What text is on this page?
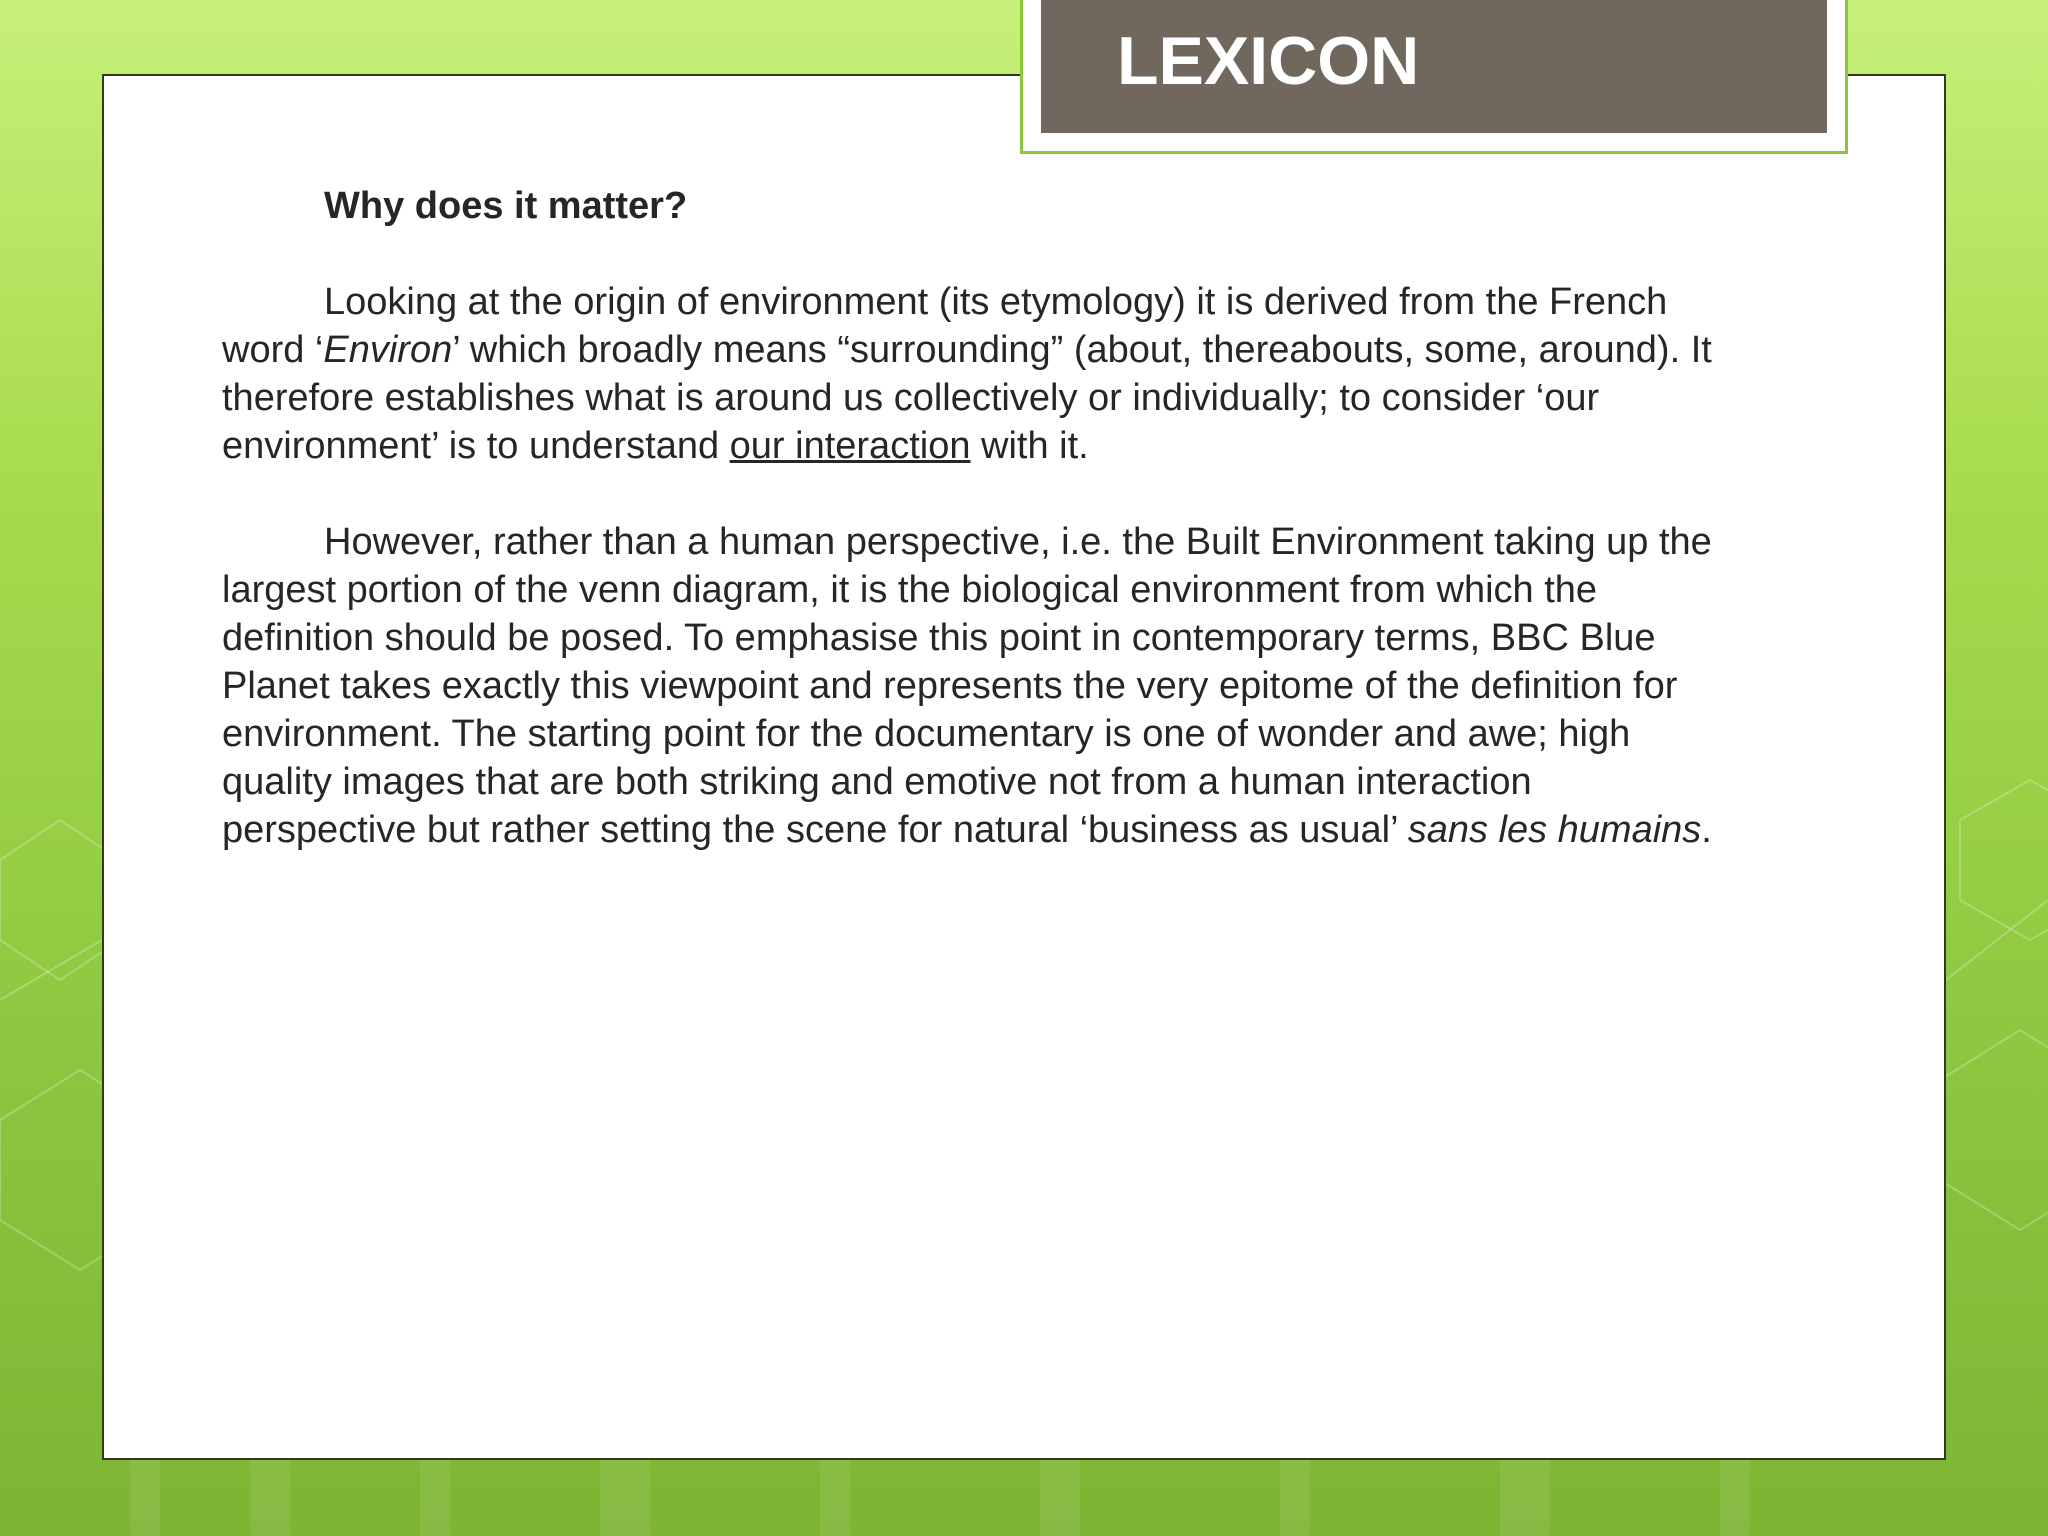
LEXICON

Why does it matter?

Looking at the origin of environment (its etymology) it is derived from the French word ‘Environ’ which broadly means “surrounding” (about, thereabouts, some, around). It therefore establishes what is around us collectively or individually; to consider ‘our environment’ is to understand our interaction with it.

However, rather than a human perspective, i.e. the Built Environment taking up the largest portion of the venn diagram, it is the biological environment from which the definition should be posed. To emphasise this point in contemporary terms, BBC Blue Planet takes exactly this viewpoint and represents the very epitome of the definition for environment. The starting point for the documentary is one of wonder and awe; high quality images that are both striking and emotive not from a human interaction perspective but rather setting the scene for natural ‘business as usual’ sans les humains.
